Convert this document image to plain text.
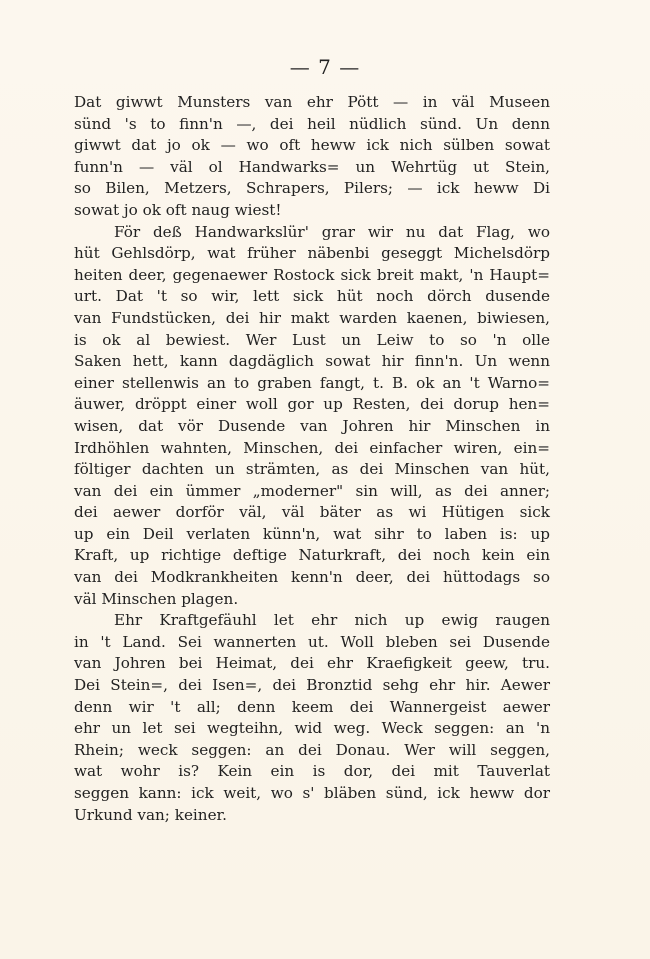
— 7 —
Dat giwwt Munsters van ehr Pött — in väl Museen
sünd 's to finn'n —, dei heil nüdlich sünd. Un denn
giwwt dat jo ok — wo oft heww ick nich sülben sowat
funn'n — väl ol Handwarks= un Wehrtüg ut Stein,
so Bilen, Metzers, Schrapers, Pilers; — ick heww Di
sowat jo ok oft naug wiest!
För deß Handwarkslür' grar wir nu dat Flag, wo
hüt Gehlsdörp, wat früher näbenbi geseggt Michelsdörp
heiten deer, gegenaewer Rostock sick breit makt, 'n Haupt=
urt. Dat 't so wir, lett sick hüt noch dörch dusende
van Fundstücken, dei hir makt warden kaenen, biwiesen,
is ok al bewiest. Wer Lust un Leiw to so 'n olle
Saken hett, kann dagdäglich sowat hir finn'n. Un wenn
einer stellenwis an to graben fangt, t. B. ok an 't Warno=
äuwer, dröppt einer woll gor up Resten, dei dorup hen=
wisen, dat vör Dusende van Johren hir Minschen in
Irdhöhlen wahnten, Minschen, dei einfacher wiren, ein=
föltiger dachten un strämten, as dei Minschen van hüt,
van dei ein ümmer „moderner" sin will, as dei anner;
dei aewer dorför väl, väl bäter as wi Hütigen sick
up ein Deil verlaten künn'n, wat sihr to laben is: up
Kraft, up richtige deftige Naturkraft, dei noch kein ein
van dei Modkrankheiten kenn'n deer, dei hüttodags so
väl Minschen plagen.
Ehr Kraftgefäuhl let ehr nich up ewig raugen
in 't Land. Sei wannerten ut. Woll bleben sei Dusende
van Johren bei Heimat, dei ehr Kraefigkeit geew, tru.
Dei Stein=, dei Isen=, dei Bronztid sehg ehr hir. Aewer
denn wir 't all; denn keem dei Wannergeist aewer
ehr un let sei wegteihn, wid weg. Weck seggen: an 'n
Rhein; weck seggen: an dei Donau. Wer will seggen,
wat wohr is? Kein ein is dor, dei mit Tauverlat
seggen kann: ick weit, wo s' bläben sünd, ick heww dor
Urkund van; keiner.
